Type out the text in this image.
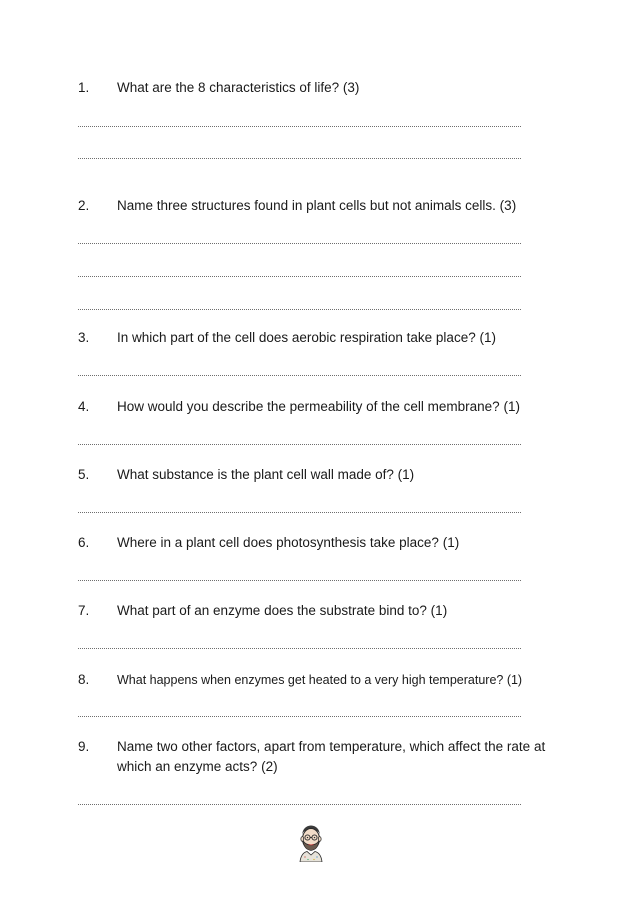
1. What are the 8 characteristics of life? (3)
2. Name three structures found in plant cells but not animals cells. (3)
3. In which part of the cell does aerobic respiration take place? (1)
4. How would you describe the permeability of the cell membrane? (1)
5. What substance is the plant cell wall made of? (1)
6. Where in a plant cell does photosynthesis take place? (1)
7. What part of an enzyme does the substrate bind to? (1)
8. What happens when enzymes get heated to a very high temperature? (1)
9. Name two other factors, apart from temperature, which affect the rate at which an enzyme acts? (2)
